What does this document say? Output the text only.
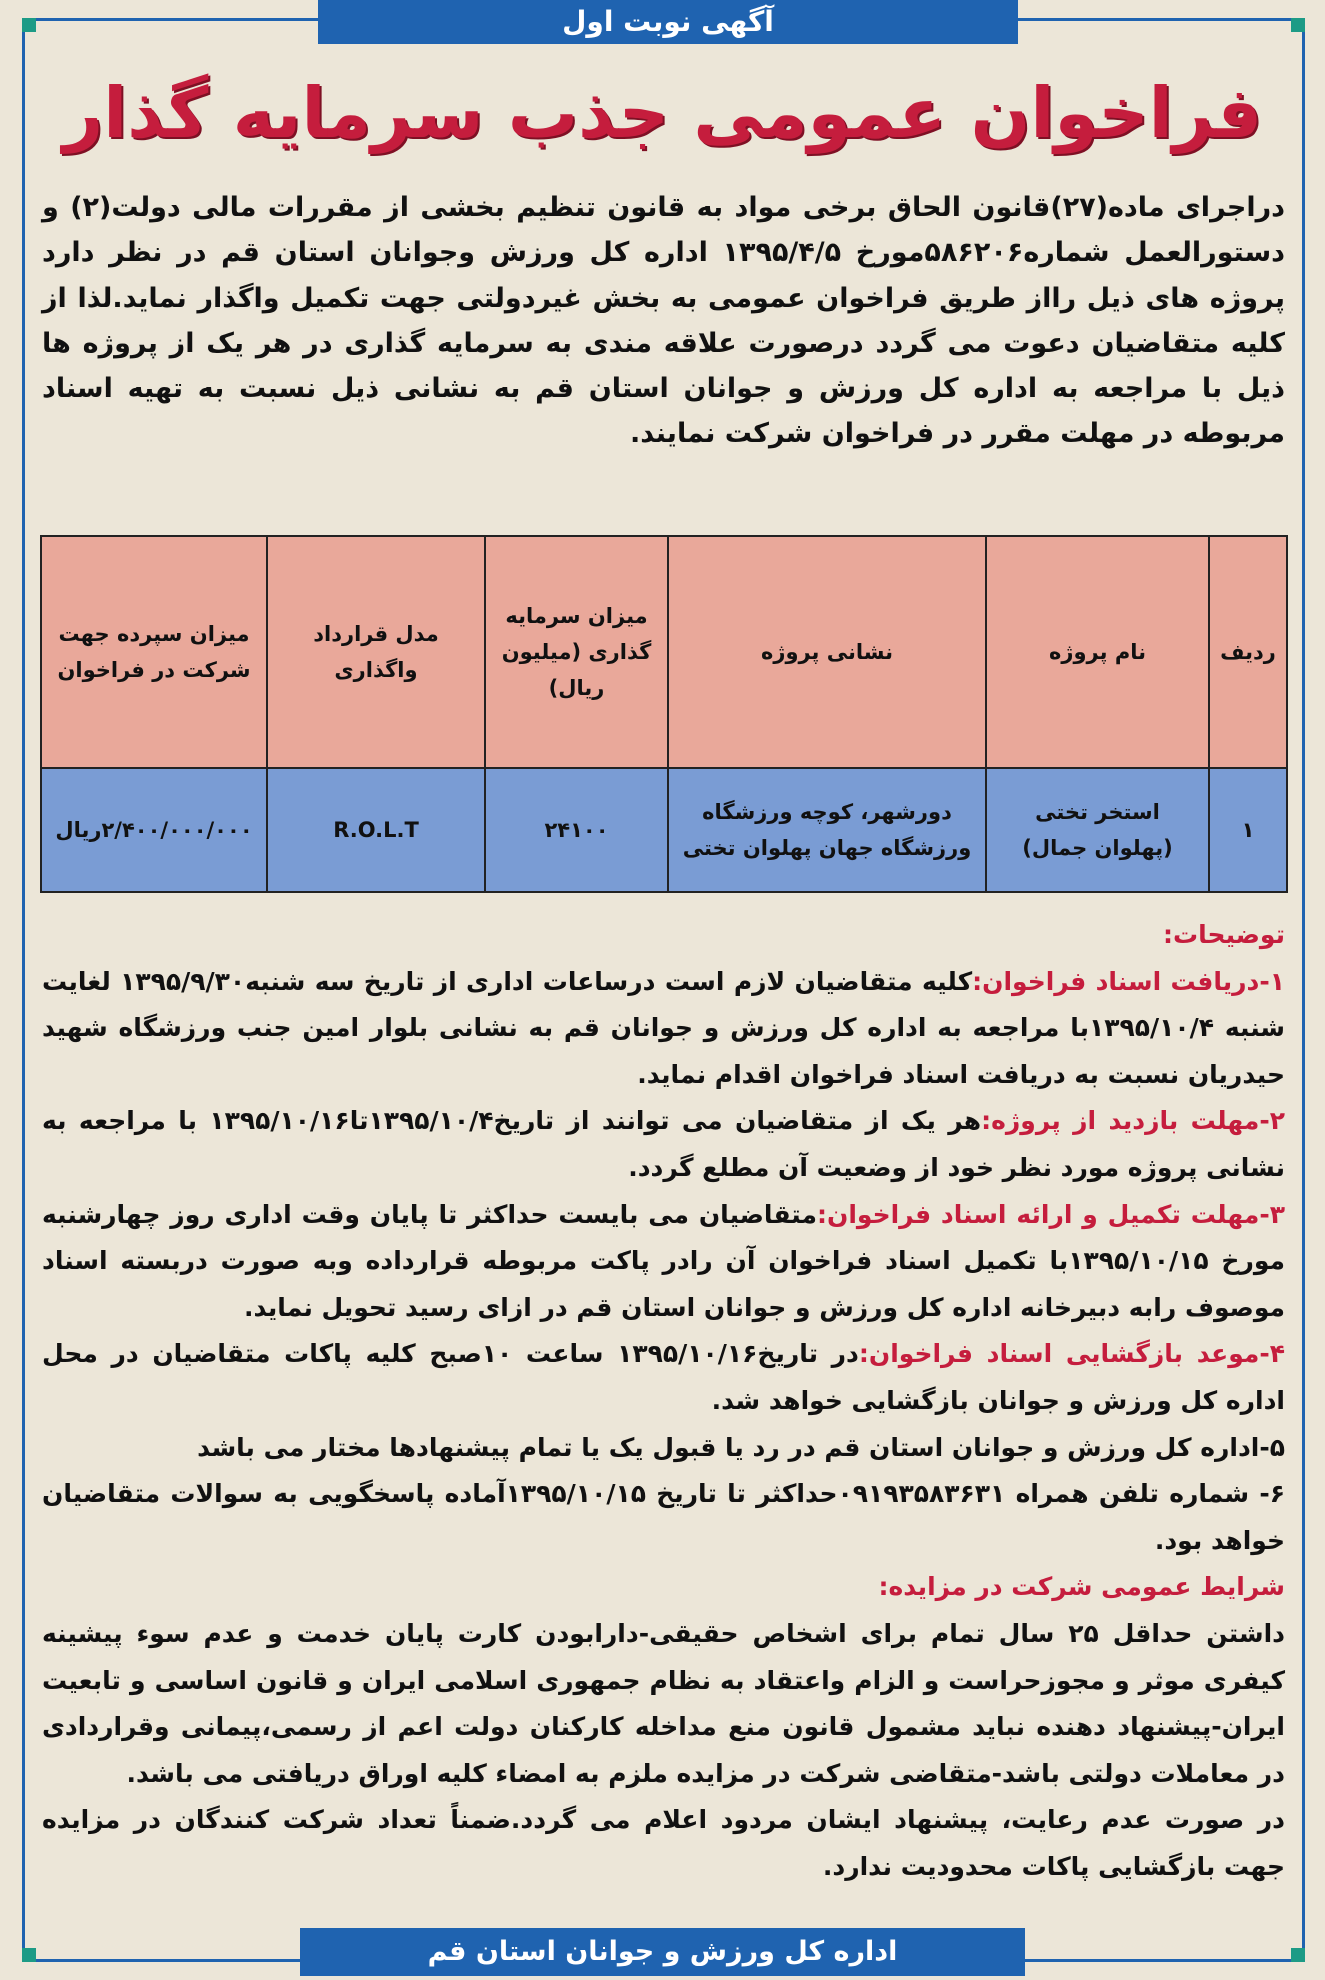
آگهی نوبت اول
فراخوان عمومی جذب سرمایه گذار
دراجرای ماده(۲۷)قانون الحاق برخی مواد به قانون تنظیم بخشی از مقررات مالی دولت(۲) و دستورالعمل شماره۵۸۶۲۰۶مورخ ۱۳۹۵/۴/۵ اداره کل ورزش وجوانان استان قم در نظر دارد پروژه های ذیل رااز طریق فراخوان عمومی به بخش غیردولتی جهت تکمیل واگذار نماید.لذا از کلیه متقاضیان دعوت می گردد درصورت علاقه مندی به سرمایه گذاری در هر یک از پروژه ها ذیل با مراجعه به اداره کل ورزش و جوانان استان قم به نشانی ذیل نسبت به تهیه اسناد مربوطه در مهلت مقرر در فراخوان شرکت نمایند.
ردیف	نام پروژه	نشانی پروژه	میزان سرمایه گذاری (میلیون ریال)	مدل قرارداد واگذاری	میزان سپرده جهت شرکت در فراخوان
۱	استخر تختی (پهلوان جمال)	دورشهر، کوچه ورزشگاه ورزشگاه جهان پهلوان تختی	۲۴۱۰۰	R.O.L.T	۲/۴۰۰/۰۰۰/۰۰۰ریال

توضیحات:

۱-دریافت اسناد فراخوان:کلیه متقاضیان لازم است درساعات اداری از تاریخ سه شنبه۱۳۹۵/۹/۳۰ لغایت شنبه ۱۳۹۵/۱۰/۴با مراجعه به اداره کل ورزش و جوانان قم به نشانی بلوار امین جنب ورزشگاه شهید حیدریان نسبت به دریافت اسناد فراخوان اقدام نماید.

۲-مهلت بازدید از پروژه:هر یک از متقاضیان می توانند از تاریخ۱۳۹۵/۱۰/۴تا۱۳۹۵/۱۰/۱۶ با مراجعه به نشانی پروژه مورد نظر خود از وضعیت آن مطلع گردد.

۳-مهلت تکمیل و ارائه اسناد فراخوان:متقاضیان می بایست حداکثر تا پایان وقت اداری روز چهارشنبه مورخ ۱۳۹۵/۱۰/۱۵با تکمیل اسناد فراخوان آن رادر پاکت مربوطه قرارداده وبه صورت دربسته اسناد موصوف رابه دبیرخانه اداره کل ورزش و جوانان استان قم در ازای رسید تحویل نماید.

۴-موعد بازگشایی اسناد فراخوان:در تاریخ۱۳۹۵/۱۰/۱۶ ساعت ۱۰صبح کلیه پاکات متقاضیان در محل اداره کل ورزش و جوانان بازگشایی خواهد شد.

۵-اداره کل ورزش و جوانان استان قم در رد یا قبول یک یا تمام پیشنهادها مختار می باشد

۶- شماره تلفن همراه ۰۹۱۹۳۵۸۳۶۳۱حداکثر تا تاریخ ۱۳۹۵/۱۰/۱۵آماده پاسخگویی به سوالات متقاضیان خواهد بود.

شرایط عمومی شرکت در مزایده:

داشتن حداقل ۲۵ سال تمام برای اشخاص حقیقی-دارابودن کارت پایان خدمت و عدم سوء پیشینه کیفری موثر و مجوزحراست و الزام واعتقاد به نظام جمهوری اسلامی ایران و قانون اساسی و تابعیت ایران-پیشنهاد دهنده نباید مشمول قانون منع مداخله کارکنان دولت اعم از رسمی،پیمانی وقراردادی در معاملات دولتی باشد-متقاضی شرکت در مزایده ملزم به امضاء کلیه اوراق دریافتی می باشد.

در صورت عدم رعایت، پیشنهاد ایشان مردود اعلام می گردد.ضمناً تعداد شرکت کنندگان در مزایده جهت بازگشایی پاکات محدودیت ندارد.

اداره کل ورزش و جوانان استان قم
